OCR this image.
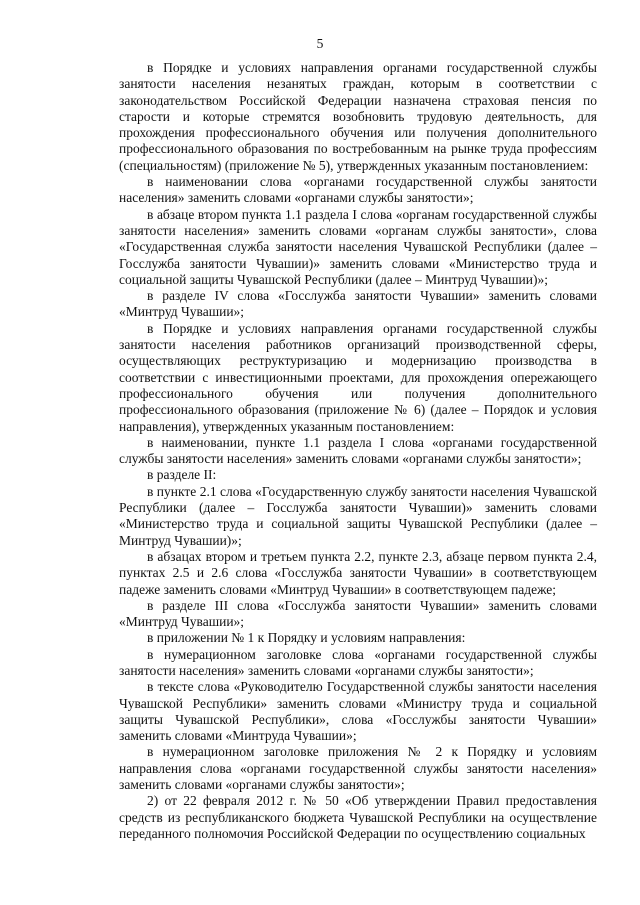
5

в Порядке и условиях направления органами государственной службы занятости населения незанятых граждан, которым в соответствии с законодательством Российской Федерации назначена страховая пенсия по старости и которые стремятся возобновить трудовую деятельность, для прохождения профессионального обучения или получения дополнительного профессионального образования по востребованным на рынке труда профессиям (специальностям) (приложение № 5), утвержденных указанным постановлением:

в наименовании слова «органами государственной службы занятости населения» заменить словами «органами службы занятости»;

в абзаце втором пункта 1.1 раздела I слова «органам государственной службы занятости населения» заменить словами «органам службы занятости», слова «Государственная служба занятости населения Чувашской Республики (далее – Госслужба занятости Чувашии)» заменить словами «Министерство труда и социальной защиты Чувашской Республики (далее – Минтруд Чувашии)»;

в разделе IV слова «Госслужба занятости Чувашии» заменить словами «Минтруд Чувашии»;

в Порядке и условиях направления органами государственной службы занятости населения работников организаций производственной сферы, осуществляющих реструктуризацию и модернизацию производства в соответствии с инвестиционными проектами, для прохождения опережающего профессионального обучения или получения дополнительного профессионального образования (приложение № 6) (далее – Порядок и условия направления), утвержденных указанным постановлением:

в наименовании, пункте 1.1 раздела I слова «органами государственной службы занятости населения» заменить словами «органами службы занятости»;

в разделе II:

в пункте 2.1 слова «Государственную службу занятости населения Чувашской Республики (далее – Госслужба занятости Чувашии)» заменить словами «Министерство труда и социальной защиты Чувашской Республики (далее – Минтруд Чувашии)»;

в абзацах втором и третьем пункта 2.2, пункте 2.3, абзаце первом пункта 2.4, пунктах 2.5 и 2.6 слова «Госслужба занятости Чувашии» в соответствующем падеже заменить словами «Минтруд Чувашии» в соответствующем падеже;

в разделе III слова «Госслужба занятости Чувашии» заменить словами «Минтруд Чувашии»;

в приложении № 1 к Порядку и условиям направления:

в нумерационном заголовке слова «органами государственной службы занятости населения» заменить словами «органами службы занятости»;

в тексте слова «Руководителю Государственной службы занятости населения Чувашской Республики» заменить словами «Министру труда и социальной защиты Чувашской Республики», слова «Госслужбы занятости Чувашии» заменить словами «Минтруда Чувашии»;

в нумерационном заголовке приложения № 2 к Порядку и условиям направления слова «органами государственной службы занятости населения» заменить словами «органами службы занятости»;

2) от 22 февраля 2012 г. № 50 «Об утверждении Правил предоставления средств из республиканского бюджета Чувашской Республики на осуществление переданного полномочия Российской Федерации по осуществлению социальных
